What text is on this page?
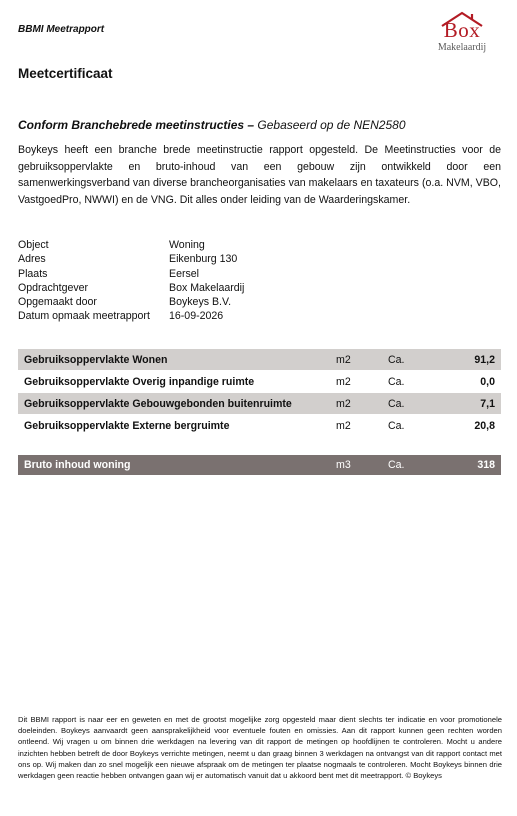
BBMI Meetrapport	Box
Makelaardij
Meetcertificaat
Conform Branchebrede meetinstructies – Gebaseerd op de NEN2580
Boykeys heeft een branche brede meetinstructie rapport opgesteld. De Meetinstructies voor de gebruiksoppervlakte en bruto-inhoud van een gebouw zijn ontwikkeld door een samenwerkingsverband van diverse brancheorganisaties van makelaars en taxateurs (o.a. NVM, VBO, VastgoedPro, NWWI) en de VNG. Dit alles onder leiding van de Waarderingskamer.
Object	Woning
Adres	Eikenburg 130
Plaats	Eersel
Opdrachtgever	Box Makelaardij
Opgemaakt door	Boykeys B.V.
Datum opmaak meetrapport	16-09-2026
Gebruiksoppervlakte Wonen	m2	Ca.	91,2
Gebruiksoppervlakte Overig inpandige ruimte	m2	Ca.	0,0
Gebruiksoppervlakte Gebouwgebonden buitenruimte	m2	Ca.	7,1
Gebruiksoppervlakte Externe bergruimte	m2	Ca.	20,8
Bruto inhoud woning	m3	Ca.	318
Dit BBMI rapport is naar eer en geweten en met de grootst mogelijke zorg opgesteld maar dient slechts ter indicatie en voor promotionele doeleinden. Boykeys aanvaardt geen aansprakelijkheid voor eventuele fouten en omissies. Aan dit rapport kunnen geen rechten worden ontleend. Wij vragen u om binnen drie werkdagen na levering van dit rapport de metingen op hoofdlijnen te controleren. Mocht u andere inzichten hebben betreft de door Boykeys verrichte metingen, neemt u dan graag binnen 3 werkdagen na ontvangst van dit rapport contact met ons op. Wij maken dan zo snel mogelijk een nieuwe afspraak om de metingen ter plaatse nogmaals te controleren. Mocht Boykeys binnen drie werkdagen geen reactie hebben ontvangen gaan wij er automatisch vanuit dat u akkoord bent met dit meetrapport. © Boykeys
